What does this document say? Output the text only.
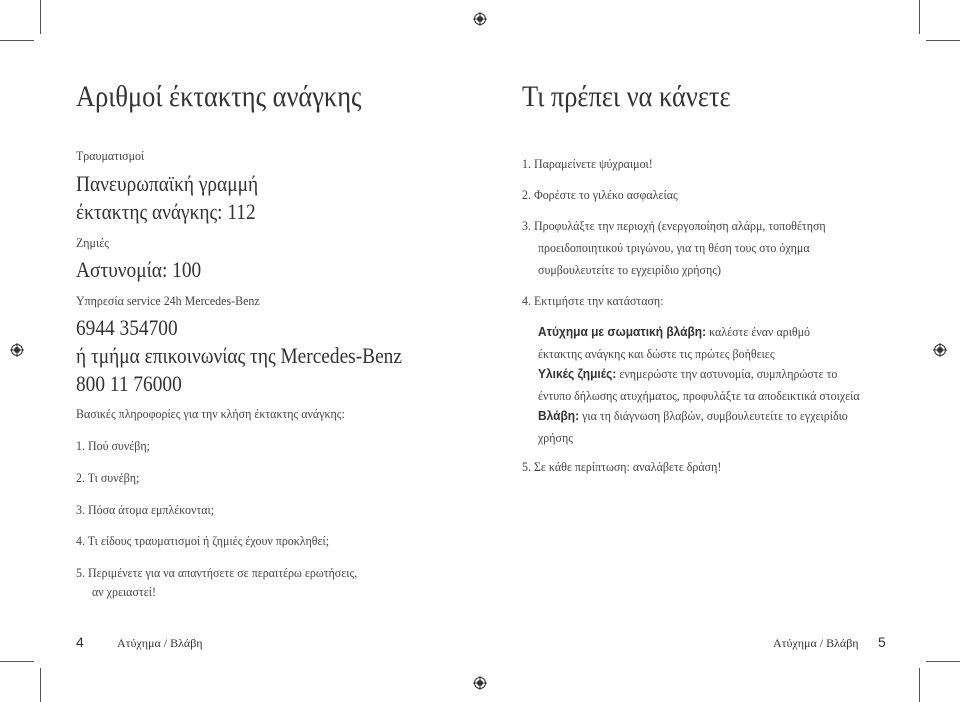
Αριθμοί έκτακτης ανάγκης
Τραυματισμοί
Πανευρωπαϊκή γραμμή
έκτακτης ανάγκης: 112
Ζημιές
Αστυνομία: 100
Υπηρεσία service 24h Mercedes-Benz
6944 354700
ή τμήμα επικοινωνίας της Mercedes-Benz
800 11 76000
Βασικές πληροφορίες για την κλήση έκτακτης ανάγκης:
1. Πού συνέβη;
2. Τι συνέβη;
3. Πόσα άτομα εμπλέκονται;
4. Τι είδους τραυματισμοί ή ζημιές έχουν προκληθεί;
5. Περιμένετε για να απαντήσετε σε περαιτέρω ερωτήσεις,
αν χρειαστεί!
Τι πρέπει να κάνετε
1. Παραμείνετε ψύχραιμοι!
2. Φορέστε το γιλέκο ασφαλείας
3. Προφυλάξτε την περιοχή (ενεργοποίηση αλάρμ, τοποθέτηση
προειδοποιητικού τριγώνου, για τη θέση τους στο όχημα
συμβουλευτείτε το εγχειρίδιο χρήσης)
4. Εκτιμήστε την κατάσταση:
Ατύχημα με σωματική βλάβη: καλέστε έναν αριθμό
έκτακτης ανάγκης και δώστε τις πρώτες βοήθειες
Υλικές ζημιές: ενημερώστε την αστυνομία, συμπληρώστε το
έντυπο δήλωσης ατυχήματος, προφυλάξτε τα αποδεικτικά στοιχεία
Βλάβη: για τη διάγνωση βλαβών, συμβουλευτείτε το εγχειρίδιο
χρήσης
5. Σε κάθε περίπτωση: αναλάβετε δράση!
4	Ατύχημα / Βλάβη	Ατύχημα / Βλάβη 5
